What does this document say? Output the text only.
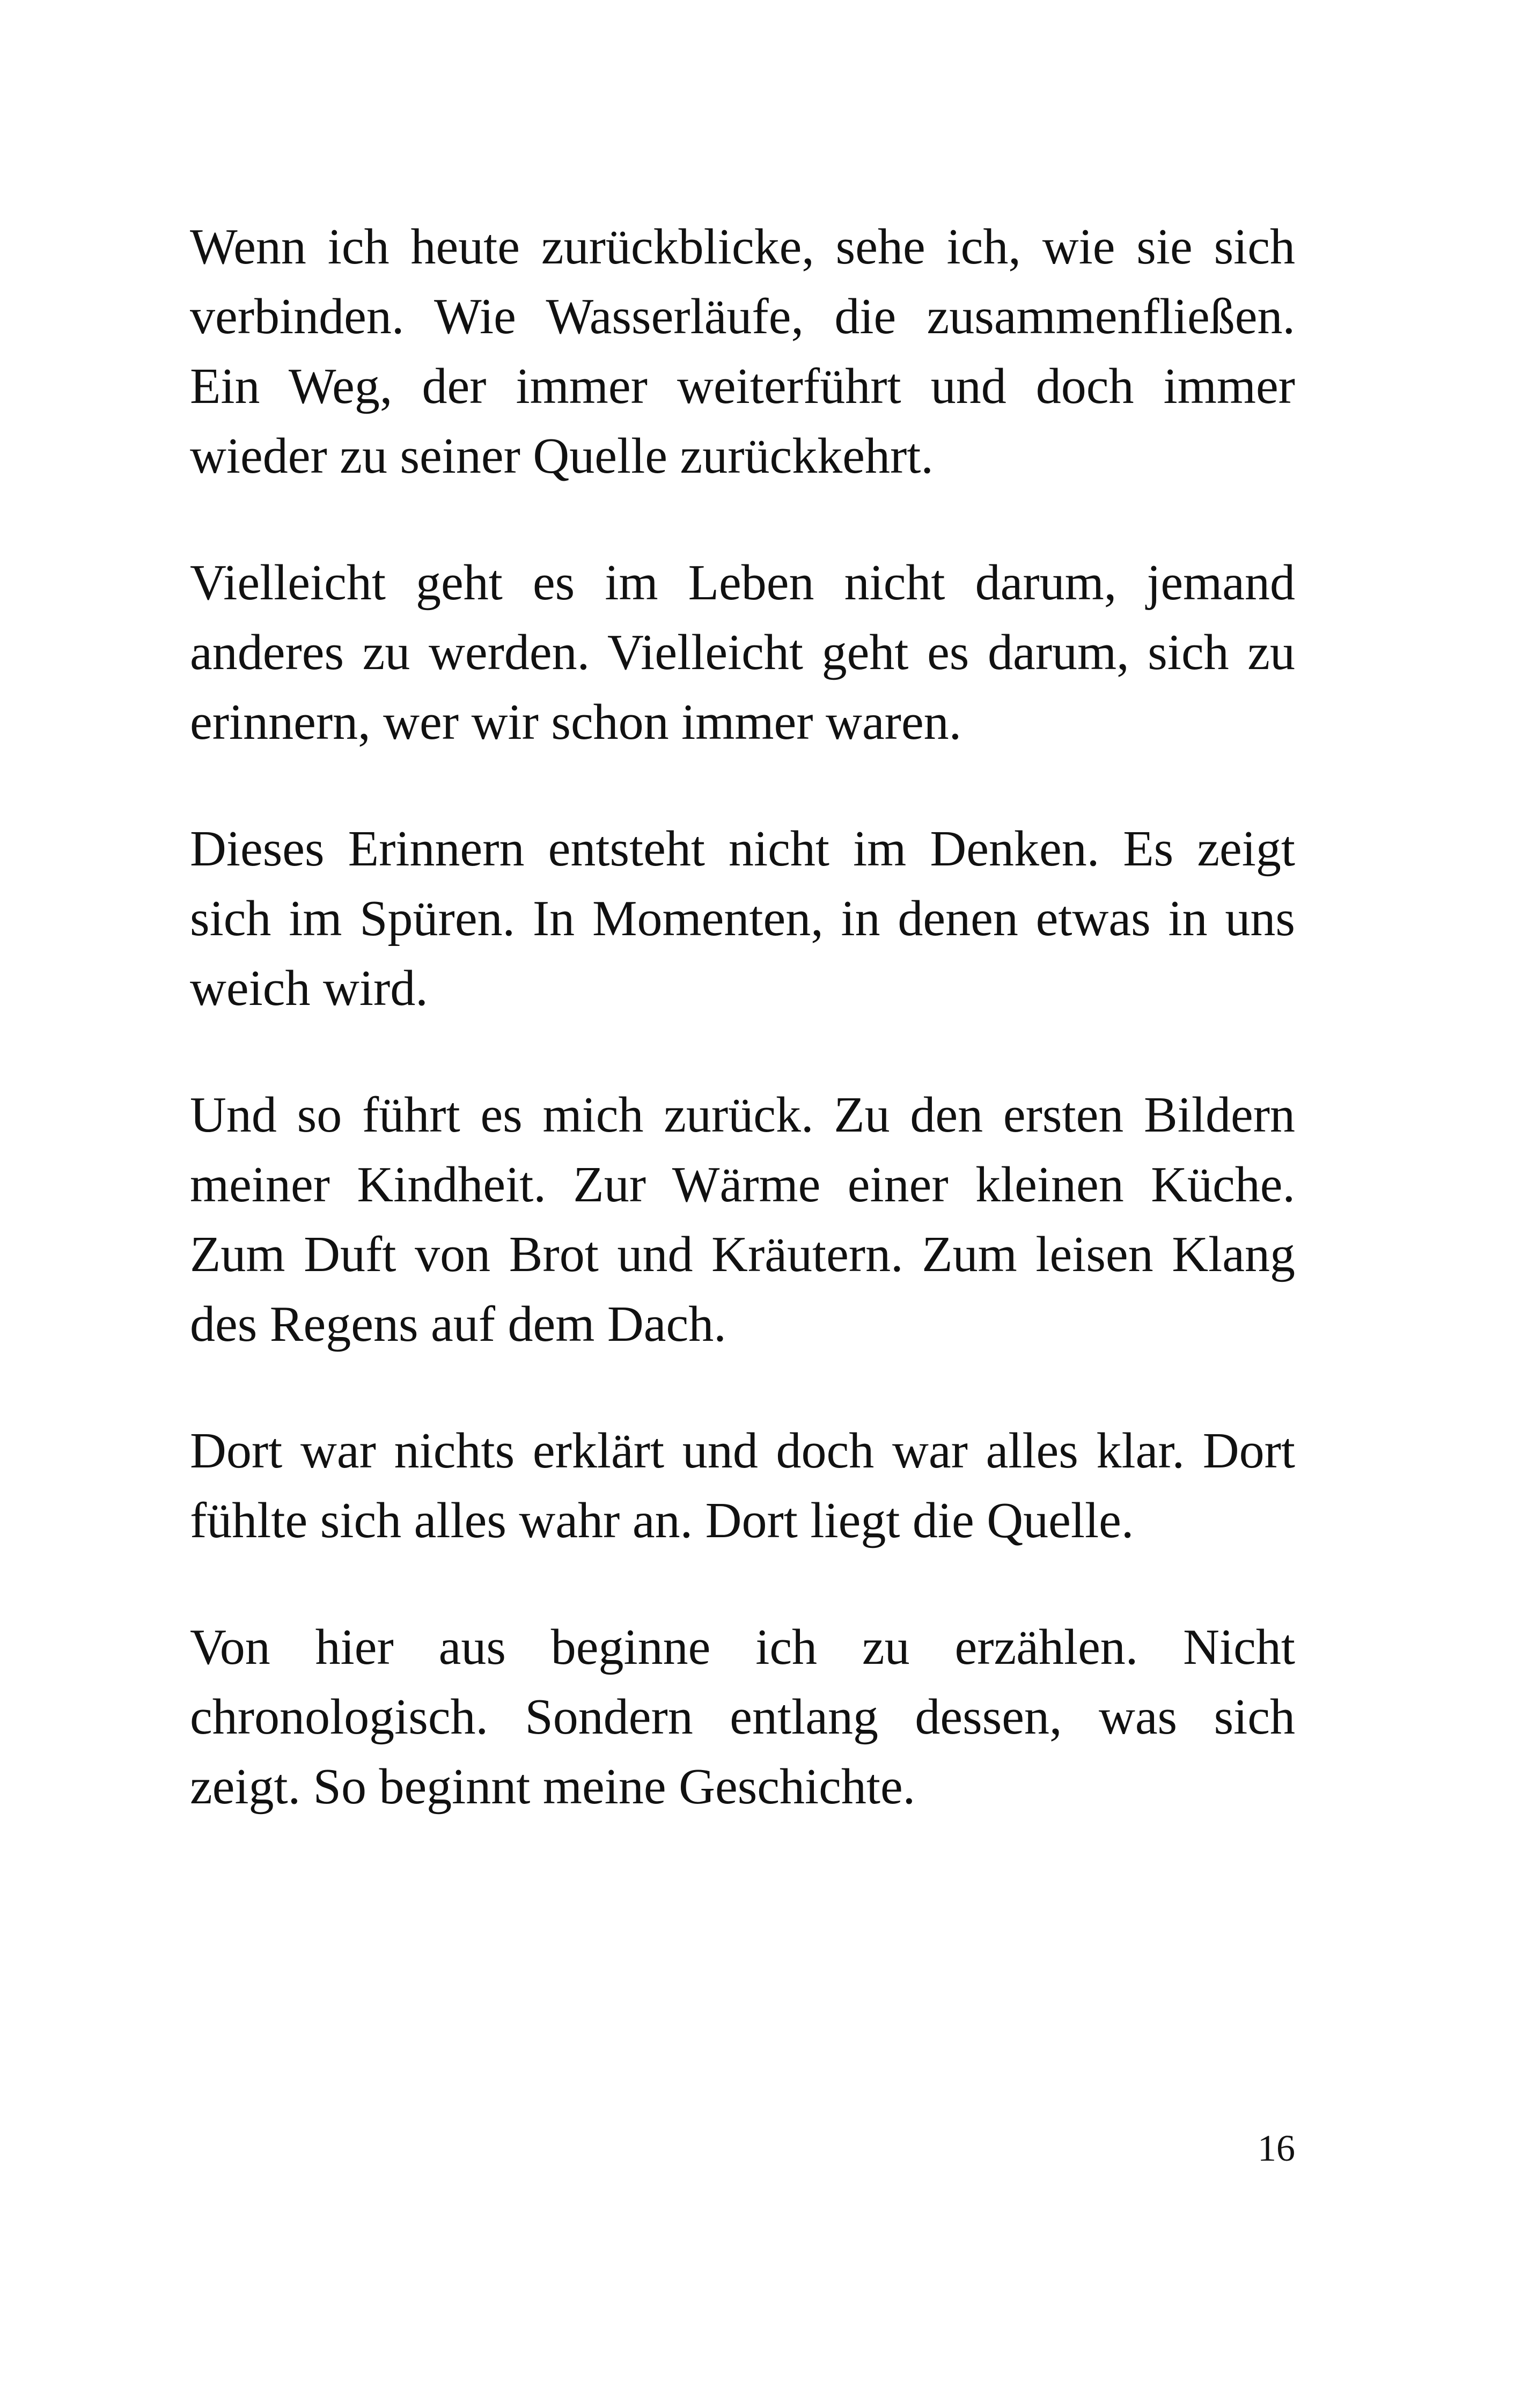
Wenn ich heute zurückblicke, sehe ich, wie sie sich verbinden. Wie Wasserläufe, die zusammenfließen. Ein Weg, der immer weiterführt und doch immer wieder zu seiner Quelle zurückkehrt.

Vielleicht geht es im Leben nicht darum, jemand anderes zu werden. Vielleicht geht es darum, sich zu erinnern, wer wir schon immer waren.

Dieses Erinnern entsteht nicht im Denken. Es zeigt sich im Spüren. In Momenten, in denen etwas in uns weich wird.

Und so führt es mich zurück. Zu den ersten Bildern meiner Kindheit. Zur Wärme einer kleinen Küche. Zum Duft von Brot und Kräutern. Zum leisen Klang des Regens auf dem Dach.

Dort war nichts erklärt und doch war alles klar. Dort fühlte sich alles wahr an. Dort liegt die Quelle.

Von hier aus beginne ich zu erzählen. Nicht chronologisch. Sondern entlang dessen, was sich zeigt. So beginnt meine Geschichte.

16
